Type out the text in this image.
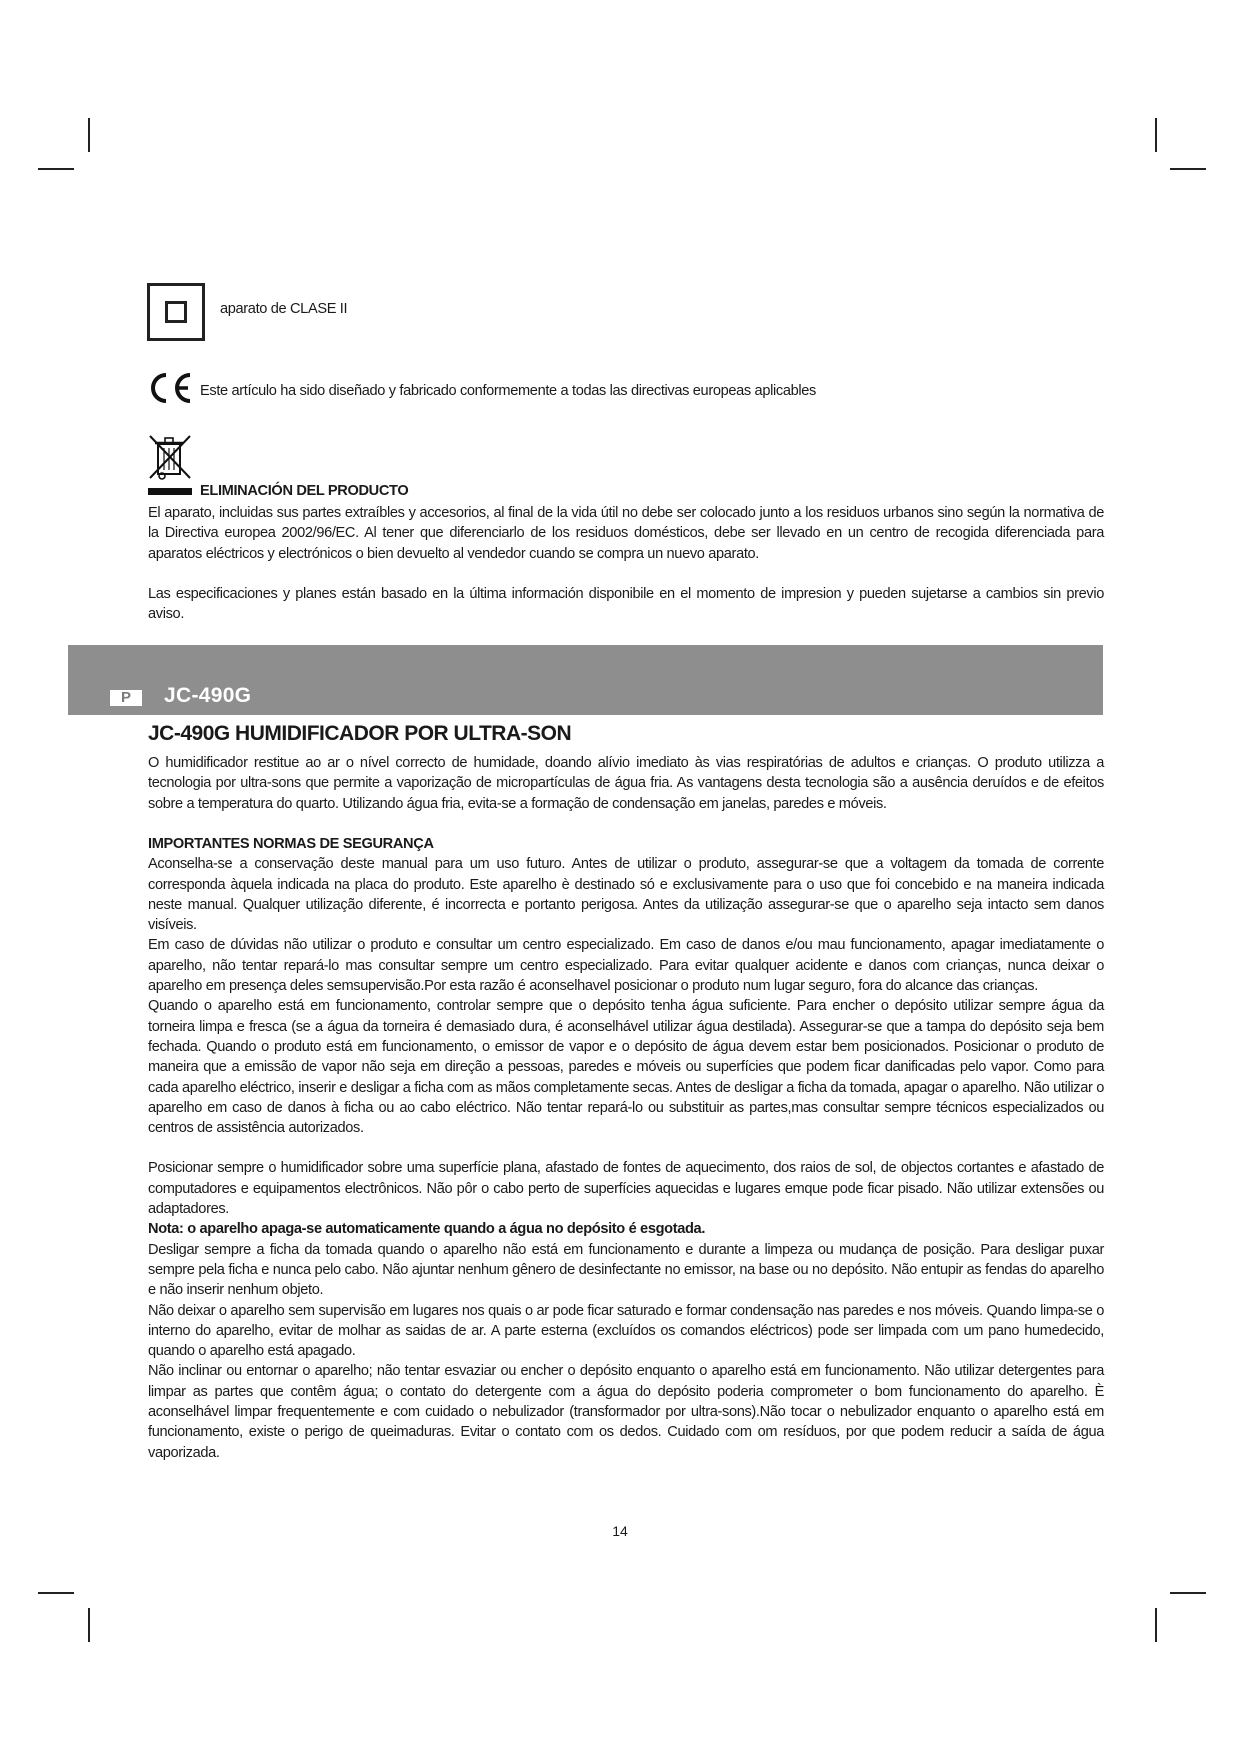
aparato de CLASE II
Este artículo ha sido diseñado y fabricado conformemente a todas las directivas europeas aplicables
ELIMINACIÓN DEL PRODUCTO

El aparato, incluidas sus partes extraíbles y accesorios, al final de la vida útil no debe ser colocado junto a los residuos urbanos sino según la normativa de la Directiva europea 2002/96/EC. Al tener que diferenciarlo de los residuos domésticos, debe ser llevado en un centro de recogida diferenciada para aparatos eléctricos y electrónicos o bien devuelto al vendedor cuando se compra un nuevo aparato.

Las especificaciones y planes están basado en la última información disponibile en el momento de impresion y pueden sujetarse a cambios sin previo aviso.

P	JC-490G
JC-490G HUMIDIFICADOR POR ULTRA-SON

O humidificador restitue ao ar o nível correcto de humidade, doando alívio imediato às vias respiratórias de adultos e crianças. O produto utilizza a tecnologia por ultra-sons que permite a vaporização de micropartículas de água fria. As vantagens desta tecnologia são a ausência deruídos e de efeitos sobre a temperatura do quarto. Utilizando água fria, evita-se a formação de condensação em janelas, paredes e móveis.

IMPORTANTES NORMAS DE SEGURANÇA

Aconselha-se a conservação deste manual para um uso futuro. Antes de utilizar o produto, assegurar-se que a voltagem da tomada de corrente corresponda àquela indicada na placa do produto. Este aparelho è destinado só e exclusivamente para o uso que foi concebido e na maneira indicada neste manual. Qualquer utilização diferente, é incorrecta e portanto perigosa. Antes da utilização assegurar-se que o aparelho seja intacto sem danos visíveis.

Em caso de dúvidas não utilizar o produto e consultar um centro especializado. Em caso de danos e/ou mau funcionamento, apagar imediatamente o aparelho, não tentar repará-lo mas consultar sempre um centro especializado. Para evitar qualquer acidente e danos com crianças, nunca deixar o aparelho em presença deles semsupervisão.Por esta razão é aconselhavel posicionar o produto num lugar seguro, fora do alcance das crianças.

Quando o aparelho está em funcionamento, controlar sempre que o depósito tenha água suficiente. Para encher o depósito utilizar sempre água da torneira limpa e fresca (se a água da torneira é demasiado dura, é aconselhável utilizar água destilada). Assegurar-se que a tampa do depósito seja bem fechada. Quando o produto está em funcionamento, o emissor de vapor e o depósito de água devem estar bem posicionados. Posicionar o produto de maneira que a emissão de vapor não seja em direção a pessoas, paredes e móveis ou superfícies que podem ficar danificadas pelo vapor. Como para cada aparelho eléctrico, inserir e desligar a ficha com as mãos completamente secas. Antes de desligar a ficha da tomada, apagar o aparelho. Não utilizar o aparelho em caso de danos à ficha ou ao cabo eléctrico. Não tentar repará-lo ou substituir as partes,mas consultar sempre técnicos especializados ou centros de assistência autorizados.

Posicionar sempre o humidificador sobre uma superfície plana, afastado de fontes de aquecimento, dos raios de sol, de objectos cortantes e afastado de computadores e equipamentos electrônicos. Não pôr o cabo perto de superfícies aquecidas e lugares emque pode ficar pisado. Não utilizar extensões ou adaptadores.

Nota: o aparelho apaga-se automaticamente quando a água no depósito é esgotada.

Desligar sempre a ficha da tomada quando o aparelho não está em funcionamento e durante a limpeza ou mudança de posição. Para desligar puxar sempre pela ficha e nunca pelo cabo. Não ajuntar nenhum gênero de desinfectante no emissor, na base ou no depósito. Não entupir as fendas do aparelho e não inserir nenhum objeto.

Não deixar o aparelho sem supervisão em lugares nos quais o ar pode ficar saturado e formar condensação nas paredes e nos móveis. Quando limpa-se o interno do aparelho, evitar de molhar as saidas de ar. A parte esterna (excluídos os comandos eléctricos) pode ser limpada com um pano humedecido, quando o aparelho está apagado.

Não inclinar ou entornar o aparelho; não tentar esvaziar ou encher o depósito enquanto o aparelho está em funcionamento. Não utilizar detergentes para limpar as partes que contêm água; o contato do detergente com a água do depósito poderia comprometer o bom funcionamento do aparelho. È aconselhável limpar frequentemente e com cuidado o nebulizador (transformador por ultra-sons).Não tocar o nebulizador enquanto o aparelho está em funcionamento, existe o perigo de queimaduras. Evitar o contato com os dedos. Cuidado com om resíduos, por que podem reducir a saída de água vaporizada.

14
